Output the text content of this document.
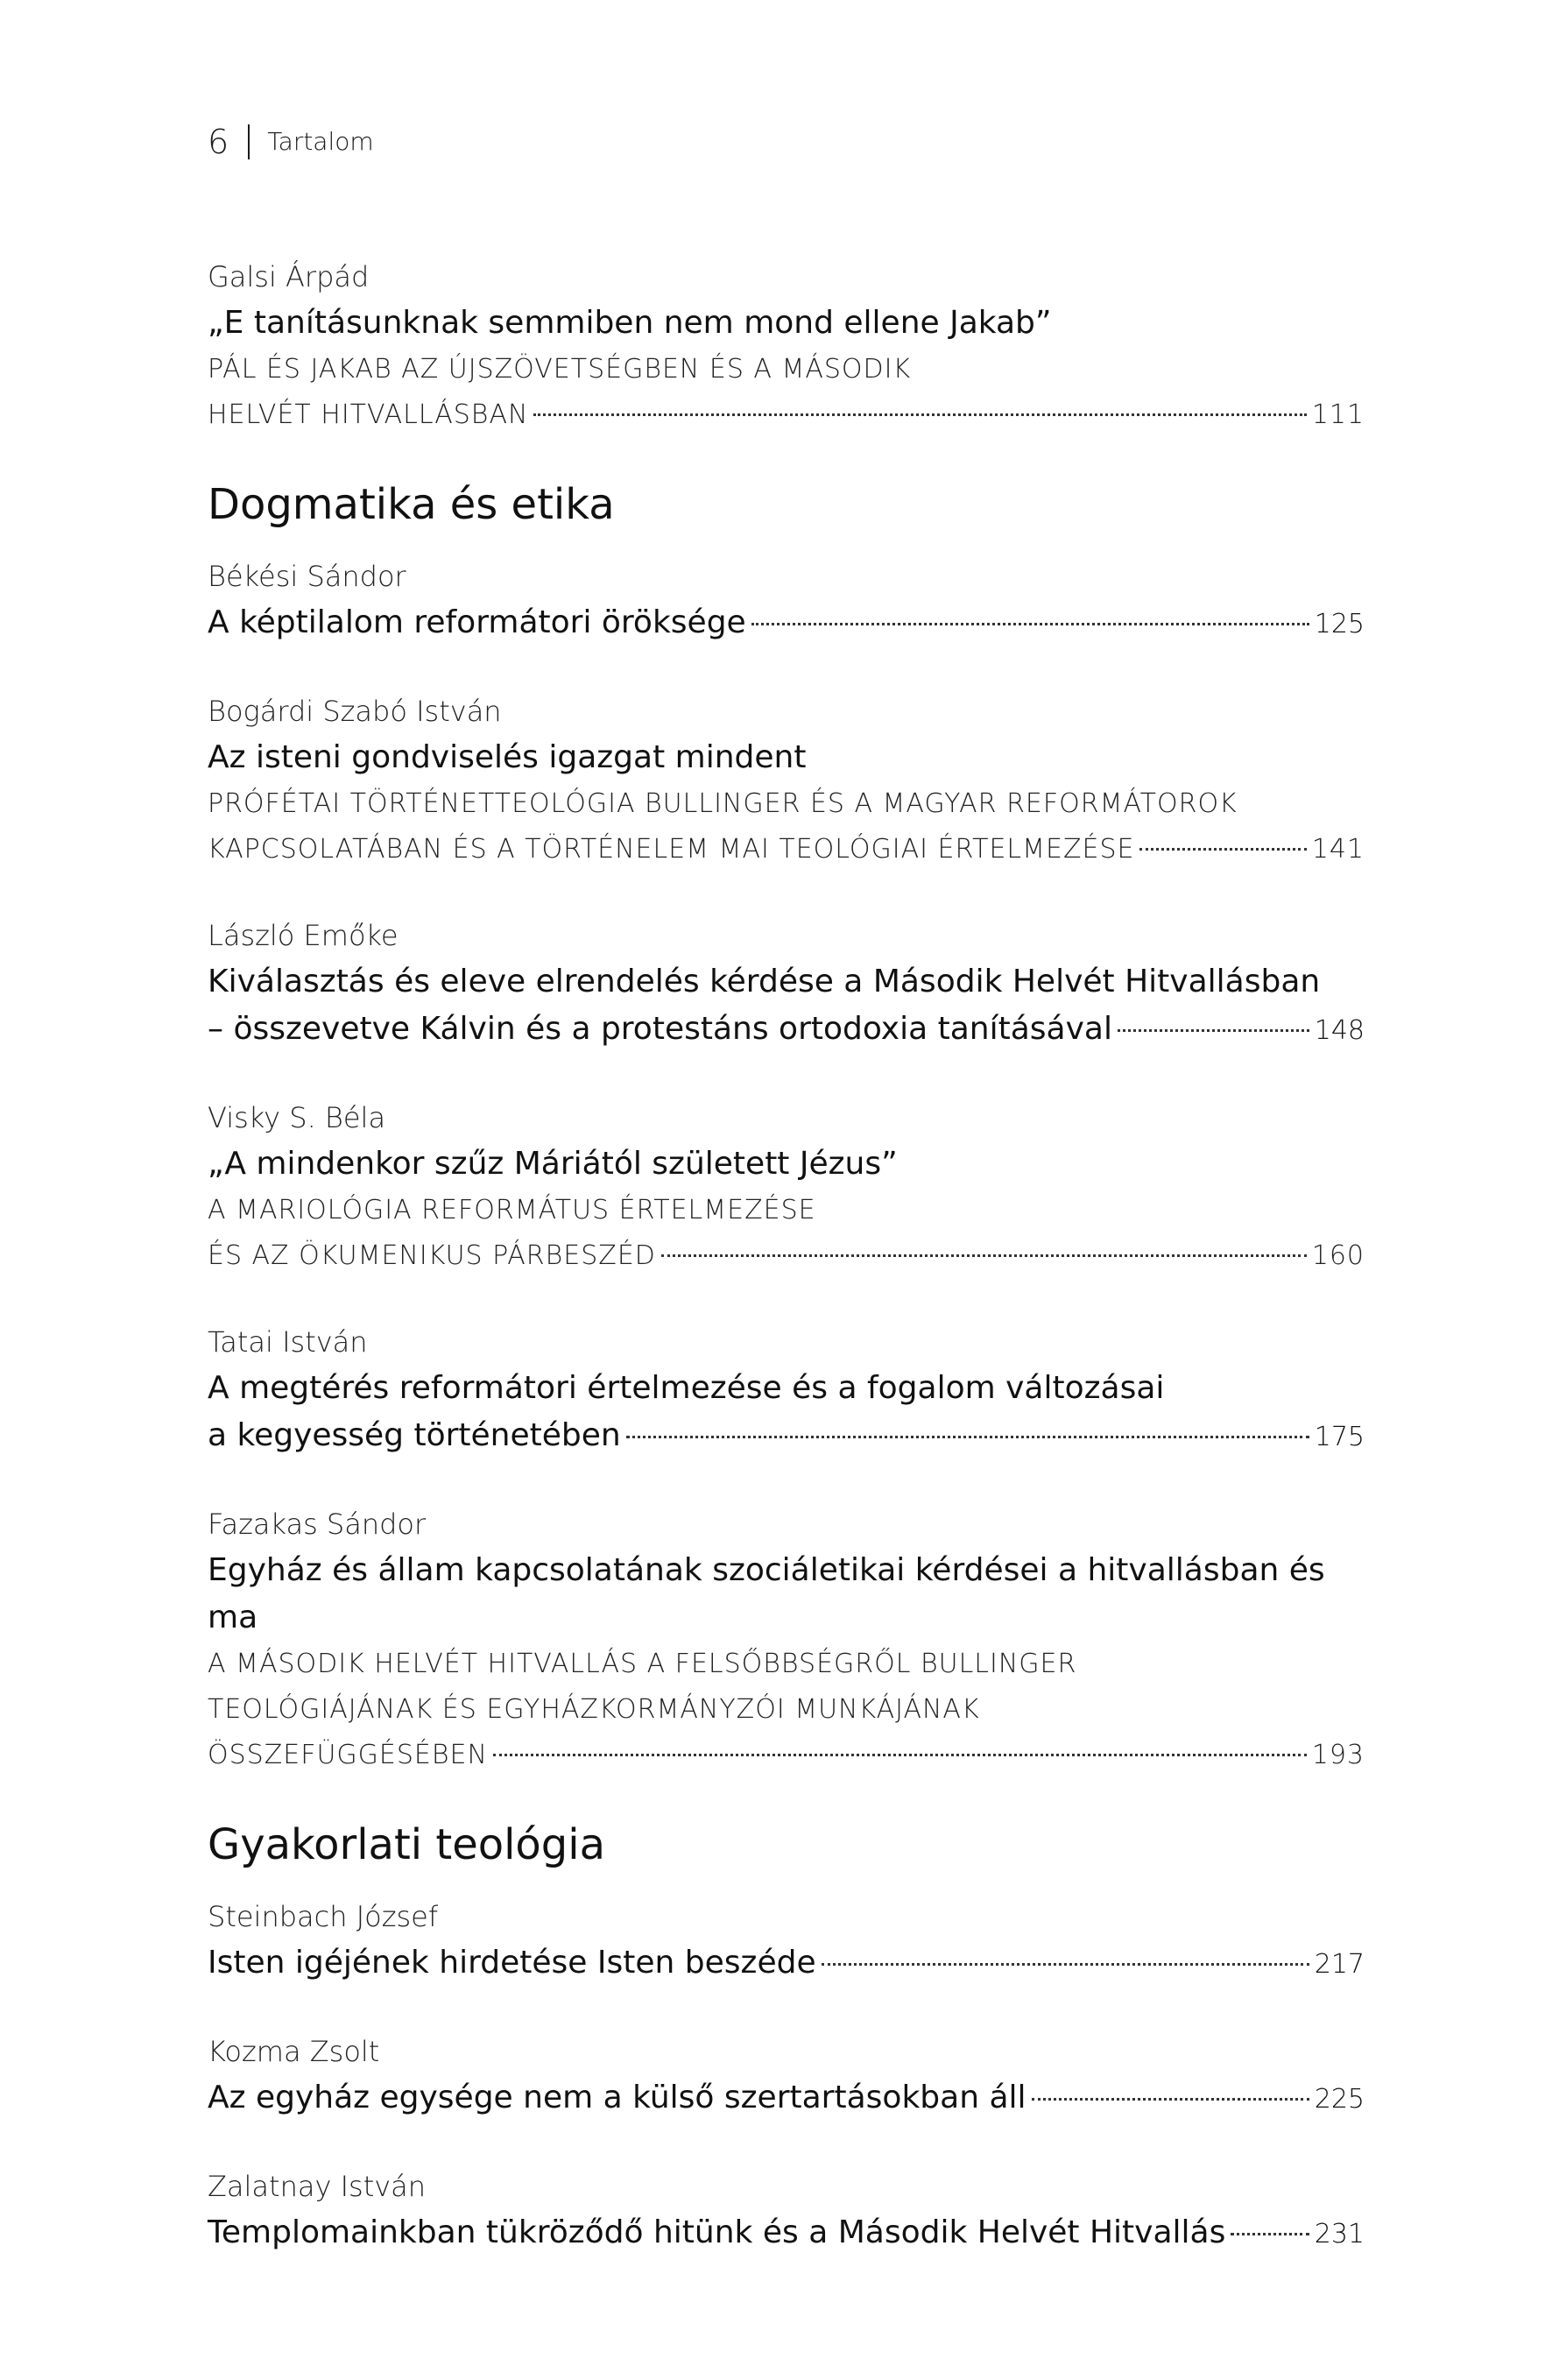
6 Tartalom
Galsi Árpád
„E tanításunknak semmiben nem mond ellene Jakab”
PÁL ÉS JAKAB AZ ÚJSZÖVETSÉGBEN ÉS A MÁSODIK
HELVÉT HITVALLÁSBAN	111
Dogmatika és etika
Békési Sándor
A képtilalom reformátori öröksége	125
Bogárdi Szabó István
Az isteni gondviselés igazgat mindent
PRÓFÉTAI TÖRTÉNETTEOLÓGIA BULLINGER ÉS A MAGYAR REFORMÁTOROK
KAPCSOLATÁBAN ÉS A TÖRTÉNELEM MAI TEOLÓGIAI ÉRTELMEZÉSE	141
László Emőke
Kiválasztás és eleve elrendelés kérdése a Második Helvét Hitvallásban
– összevetve Kálvin és a protestáns ortodoxia tanításával	148
Visky S. Béla
„A mindenkor szűz Máriától született Jézus”
A MARIOLÓGIA REFORMÁTUS ÉRTELMEZÉSE
ÉS AZ ÖKUMENIKUS PÁRBESZÉD	160
Tatai István
A megtérés reformátori értelmezése és a fogalom változásai
a kegyesség történetében	175
Fazakas Sándor
Egyház és állam kapcsolatának szociáletikai kérdései a hitvallásban és ma
A MÁSODIK HELVÉT HITVALLÁS A FELSŐBBSÉGRŐL BULLINGER
TEOLÓGIÁJÁNAK ÉS EGYHÁZKORMÁNYZÓI MUNKÁJÁNAK
ÖSSZEFÜGGÉSÉBEN	193
Gyakorlati teológia
Steinbach József
Isten igéjének hirdetése Isten beszéde	217
Kozma Zsolt
Az egyház egysége nem a külső szertartásokban áll	225
Zalatnay István
Templomainkban tükröződő hitünk és a Második Helvét Hitvallás	231
